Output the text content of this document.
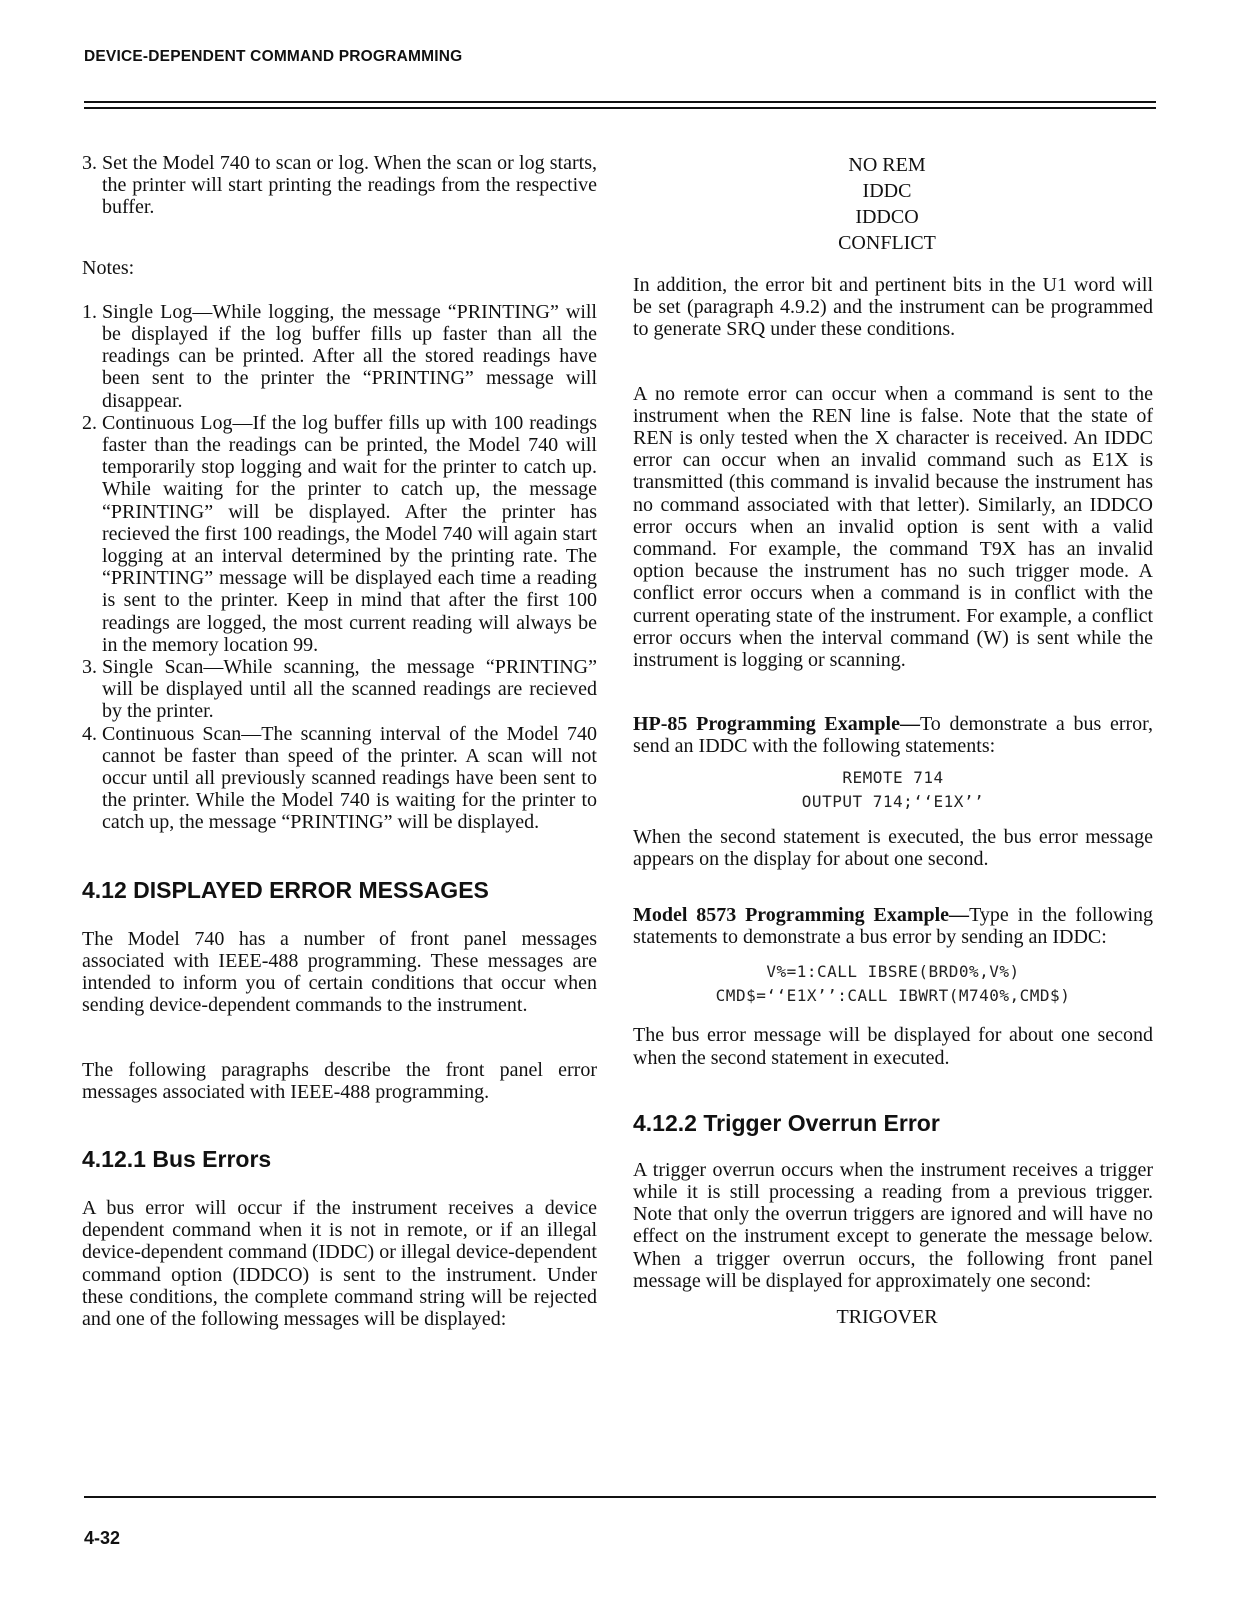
DEVICE-DEPENDENT COMMAND PROGRAMMING
3. Set the Model 740 to scan or log. When the scan or log starts, the printer will start printing the readings from the respective buffer.

Notes:

1. Single Log—While logging, the message “PRINTING” will be displayed if the log buffer fills up faster than all the readings can be printed. After all the stored readings have been sent to the printer the “PRINTING” message will disappear.
2. Continuous Log—If the log buffer fills up with 100 readings faster than the readings can be printed, the Model 740 will temporarily stop logging and wait for the printer to catch up. While waiting for the printer to catch up, the message “PRINTING” will be displayed. After the printer has recieved the first 100 readings, the Model 740 will again start logging at an interval determined by the printing rate. The “PRINTING” message will be displayed each time a reading is sent to the printer. Keep in mind that after the first 100 readings are logged, the most current reading will always be in the memory location 99.
3. Single Scan—While scanning, the message “PRINTING” will be displayed until all the scanned readings are recieved by the printer.
4. Continuous Scan—The scanning interval of the Model 740 cannot be faster than speed of the printer. A scan will not occur until all previously scanned readings have been sent to the printer. While the Model 740 is waiting for the printer to catch up, the message “PRINTING” will be displayed.
4.12 DISPLAYED ERROR MESSAGES

The Model 740 has a number of front panel messages associated with IEEE-488 programming. These messages are intended to inform you of certain conditions that occur when sending device-dependent commands to the instrument.

The following paragraphs describe the front panel error messages associated with IEEE-488 programming.

4.12.1 Bus Errors

A bus error will occur if the instrument receives a device dependent command when it is not in remote, or if an illegal device-dependent command (IDDC) or illegal device-dependent command option (IDDCO) is sent to the instrument. Under these conditions, the complete command string will be rejected and one of the following messages will be displayed:

NO REM
IDDC
IDDCO
CONFLICT

In addition, the error bit and pertinent bits in the U1 word will be set (paragraph 4.9.2) and the instrument can be programmed to generate SRQ under these conditions.

A no remote error can occur when a command is sent to the instrument when the REN line is false. Note that the state of REN is only tested when the X character is received. An IDDC error can occur when an invalid command such as E1X is transmitted (this command is invalid because the instrument has no command associated with that letter). Similarly, an IDDCO error occurs when an invalid option is sent with a valid command. For example, the command T9X has an invalid option because the instrument has no such trigger mode. A conflict error occurs when a command is in conflict with the current operating state of the instrument. For example, a conflict error occurs when the interval command (W) is sent while the instrument is logging or scanning.

HP-85 Programming Example—To demonstrate a bus error, send an IDDC with the following statements:

REMOTE 714
OUTPUT 714;‘‘E1X’’

When the second statement is executed, the bus error message appears on the display for about one second.

Model 8573 Programming Example—Type in the following statements to demonstrate a bus error by sending an IDDC:

V%=1:CALL IBSRE(BRD0%,V%)
CMD$=‘‘E1X’’:CALL IBWRT(M740%,CMD$)

The bus error message will be displayed for about one second when the second statement in executed.

4.12.2 Trigger Overrun Error

A trigger overrun occurs when the instrument receives a trigger while it is still processing a reading from a previous trigger. Note that only the overrun triggers are ignored and will have no effect on the instrument except to generate the message below. When a trigger overrun occurs, the following front panel message will be displayed for approximately one second:

TRIGOVER
4-32
